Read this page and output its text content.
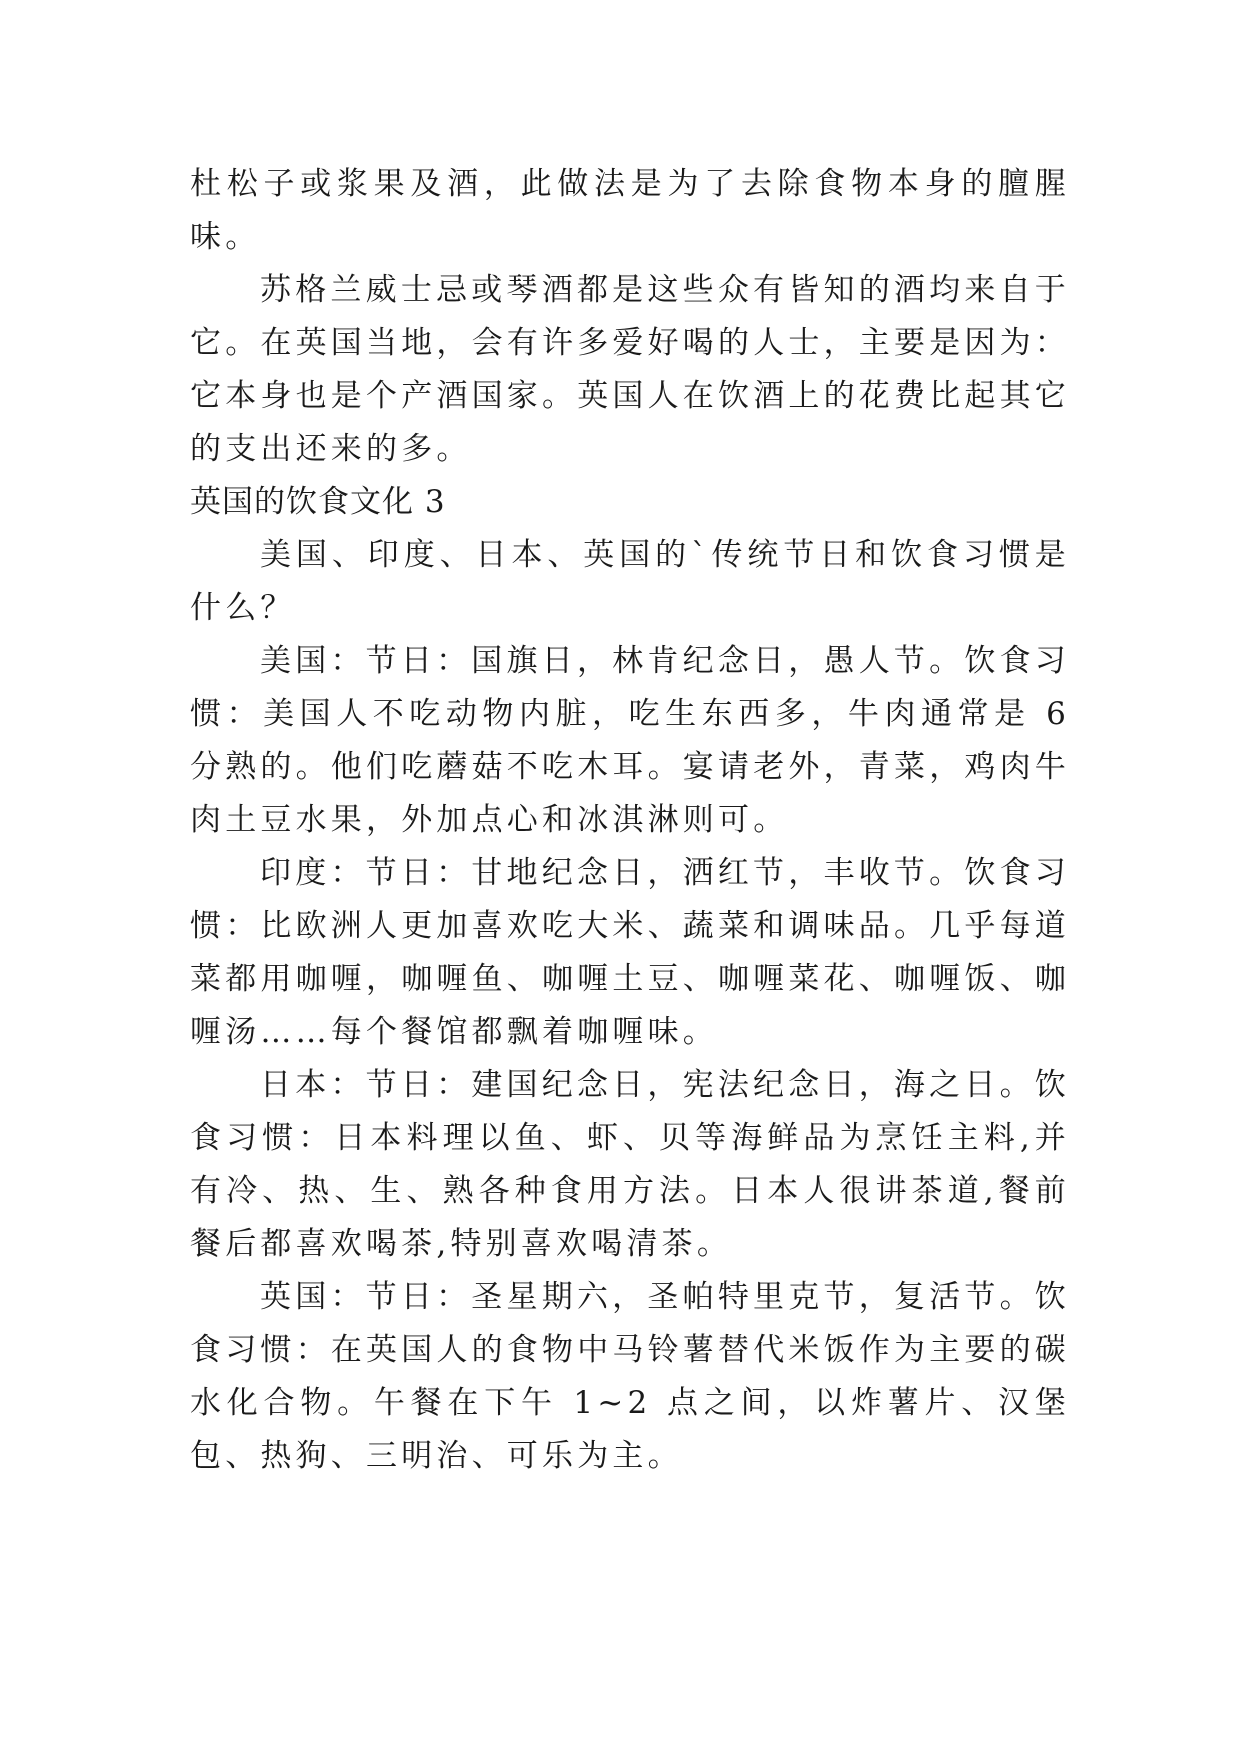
杜松子或浆果及酒，此做法是为了去除食物本身的膻腥味。

苏格兰威士忌或琴酒都是这些众有皆知的酒均来自于它。在英国当地，会有许多爱好喝的人士，主要是因为：它本身也是个产酒国家。英国人在饮酒上的花费比起其它的支出还来的多。

英国的饮食文化 3

美国、印度、日本、英国的`传统节日和饮食习惯是什么？

美国：节日：国旗日，林肯纪念日，愚人节。饮食习惯：美国人不吃动物内脏，吃生东西多，牛肉通常是 6 分熟的。他们吃蘑菇不吃木耳。宴请老外，青菜，鸡肉牛肉土豆水果，外加点心和冰淇淋则可。

印度：节日：甘地纪念日，洒红节，丰收节。饮食习惯：比欧洲人更加喜欢吃大米、蔬菜和调味品。几乎每道菜都用咖喱，咖喱鱼、咖喱土豆、咖喱菜花、咖喱饭、咖喱汤……每个餐馆都飘着咖喱味。

日本：节日：建国纪念日，宪法纪念日，海之日。饮食习惯：日本料理以鱼、虾、贝等海鲜品为烹饪主料,并有冷、热、生、熟各种食用方法。日本人很讲茶道,餐前餐后都喜欢喝茶,特别喜欢喝清茶。

英国：节日：圣星期六，圣帕特里克节，复活节。饮食习惯：在英国人的食物中马铃薯替代米饭作为主要的碳水化合物。午餐在下午 1~2 点之间，以炸薯片、汉堡包、热狗、三明治、可乐为主。
